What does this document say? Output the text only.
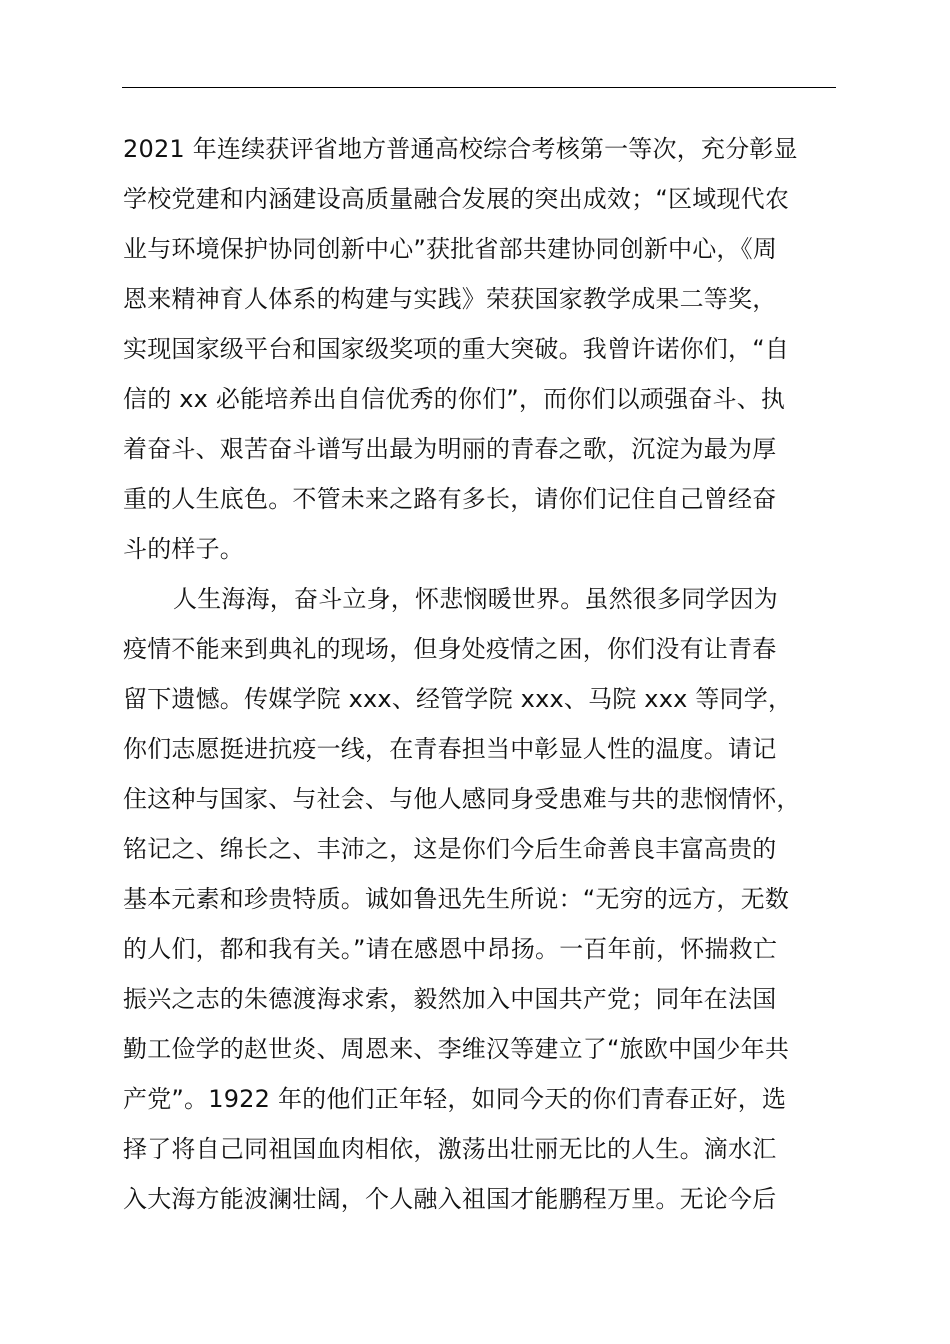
2021 年连续获评省地方普通高校综合考核第一等次，充分彰显
学校党建和内涵建设高质量融合发展的突出成效；“区域现代农
业与环境保护协同创新中心”获批省部共建协同创新中心，《周
恩来精神育人体系的构建与实践》荣获国家教学成果二等奖，
实现国家级平台和国家级奖项的重大突破。我曾许诺你们，“自
信的 xx 必能培养出自信优秀的你们”，而你们以顽强奋斗、执
着奋斗、艰苦奋斗谱写出最为明丽的青春之歌，沉淀为最为厚
重的人生底色。不管未来之路有多长，请你们记住自己曾经奋
斗的样子。
人生海海，奋斗立身，怀悲悯暖世界。虽然很多同学因为
疫情不能来到典礼的现场，但身处疫情之困，你们没有让青春
留下遗憾。传媒学院 xxx、经管学院 xxx、马院 xxx 等同学，
你们志愿挺进抗疫一线，在青春担当中彰显人性的温度。请记
住这种与国家、与社会、与他人感同身受患难与共的悲悯情怀，
铭记之、绵长之、丰沛之，这是你们今后生命善良丰富高贵的
基本元素和珍贵特质。诚如鲁迅先生所说：“无穷的远方，无数
的人们，都和我有关。”请在感恩中昂扬。一百年前，怀揣救亡
振兴之志的朱德渡海求索，毅然加入中国共产党；同年在法国
勤工俭学的赵世炎、周恩来、李维汉等建立了“旅欧中国少年共
产党”。1922 年的他们正年轻，如同今天的你们青春正好，选
择了将自己同祖国血肉相依，激荡出壮丽无比的人生。滴水汇
入大海方能波澜壮阔，个人融入祖国才能鹏程万里。无论今后
